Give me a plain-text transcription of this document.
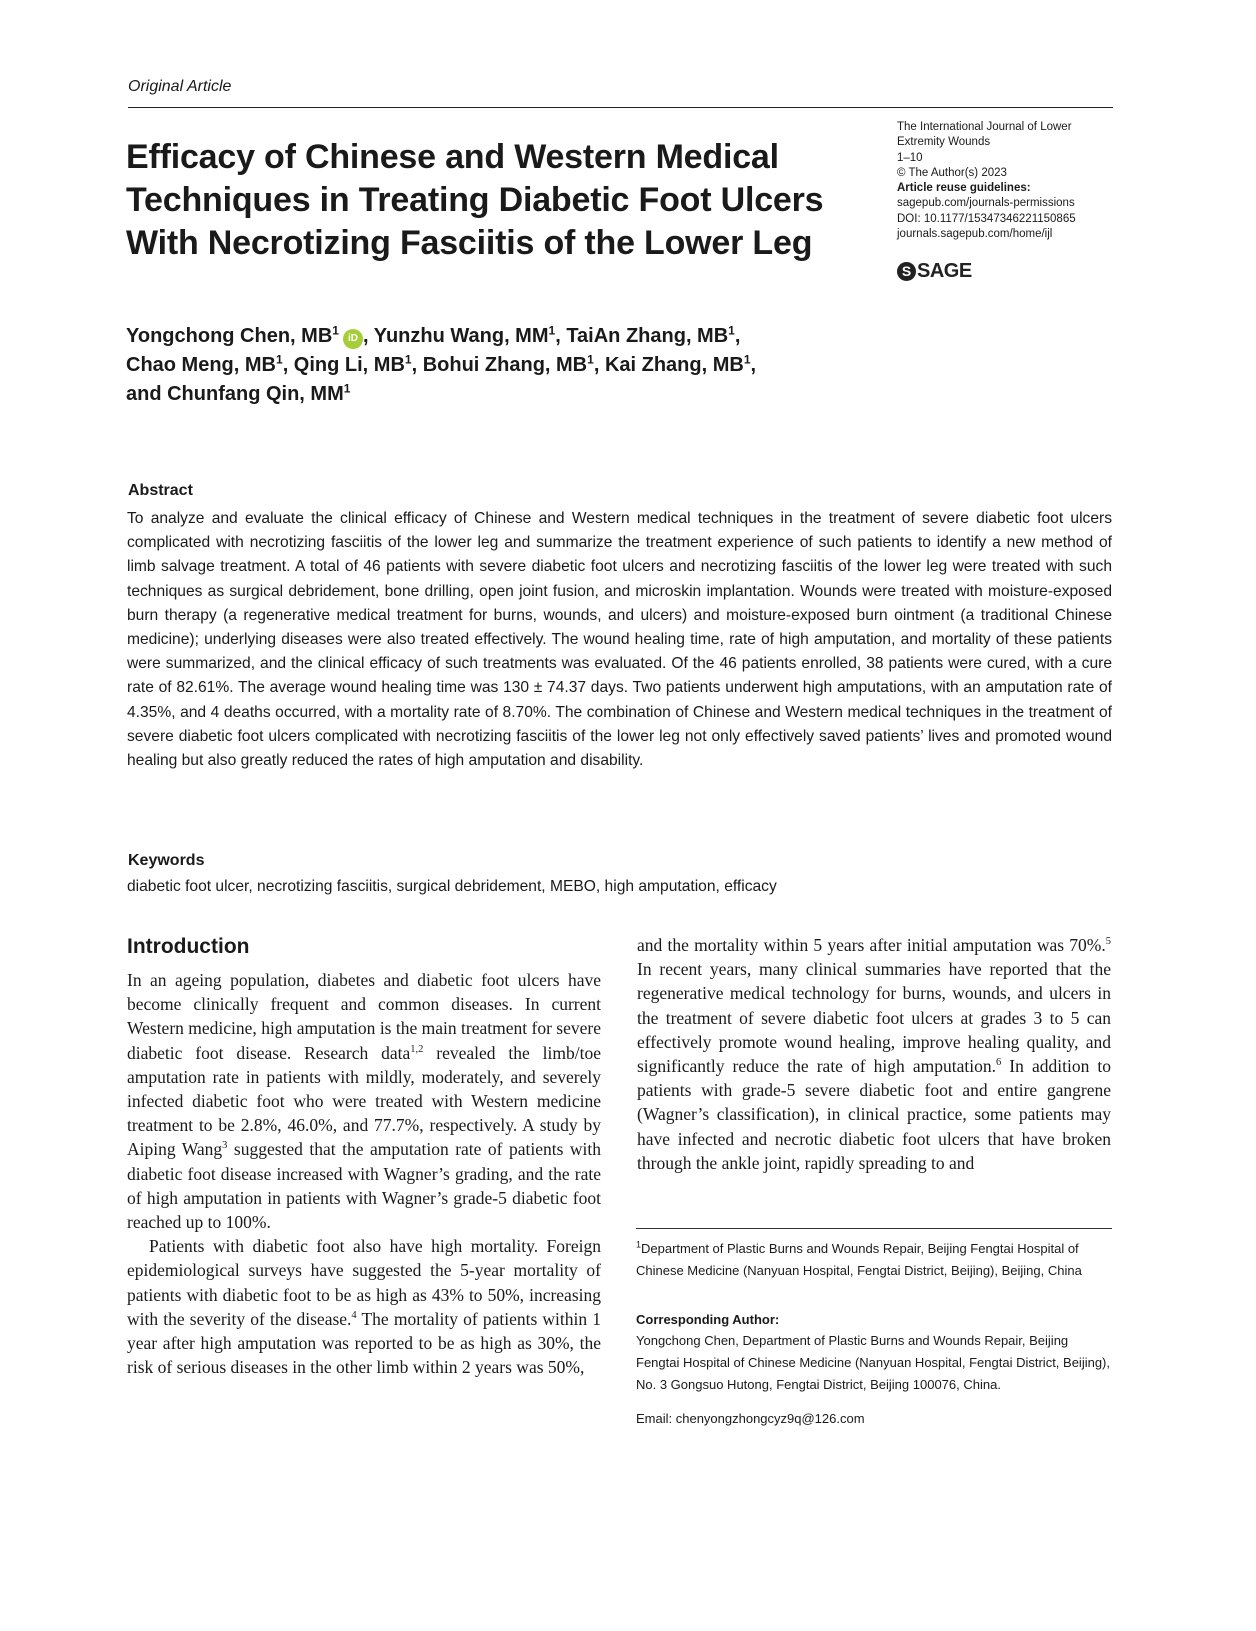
Original Article
Efficacy of Chinese and Western Medical Techniques in Treating Diabetic Foot Ulcers With Necrotizing Fasciitis of the Lower Leg
The International Journal of Lower
Extremity Wounds
1–10
© The Author(s) 2023
Article reuse guidelines:
sagepub.com/journals-permissions
DOI: 10.1177/15347346221150865
journals.sagepub.com/home/ijl
S SAGE
Yongchong Chen, $MB^1iD$ , Yunzhu Wang, $MM^1$, TaiAn Zhang, $MB^1$,
Chao Meng, $MB^1$, Qing Li, $MB^1$, Bohui Zhang, $MB^1$, Kai Zhang, $MB^1$,
and Chunfang Qin, $MM^1$
Abstract

To analyze and evaluate the clinical efficacy of Chinese and Western medical techniques in the treatment of severe diabetic foot ulcers complicated with necrotizing fasciitis of the lower leg and summarize the treatment experience of such patients to identify a new method of limb salvage treatment. A total of 46 patients with severe diabetic foot ulcers and necrotizing fasciitis of the lower leg were treated with such techniques as surgical debridement, bone drilling, open joint fusion, and microskin implantation. Wounds were treated with moisture-exposed burn therapy (a regenerative medical treatment for burns, wounds, and ulcers) and moisture-exposed burn ointment (a traditional Chinese medicine); underlying diseases were also treated effectively. The wound healing time, rate of high amputation, and mortality of these patients were summarized, and the clinical efficacy of such treatments was evaluated. Of the 46 patients enrolled, 38 patients were cured, with a cure rate of 82.61%. The average wound healing time was 130 ± 74.37 days. Two patients underwent high amputations, with an amputation rate of 4.35%, and 4 deaths occurred, with a mortality rate of 8.70%. The combination of Chinese and Western medical techniques in the treatment of severe diabetic foot ulcers complicated with necrotizing fasciitis of the lower leg not only effectively saved patients’ lives and promoted wound healing but also greatly reduced the rates of high amputation and disability.

Keywords

diabetic foot ulcer, necrotizing fasciitis, surgical debridement, MEBO, high amputation, efficacy

Introduction

In an ageing population, diabetes and diabetic foot ulcers have become clinically frequent and common diseases. In current Western medicine, high amputation is the main treatment for severe diabetic foot disease. Research data$^{1,2}$ revealed the limb/toe amputation rate in patients with mildly, moderately, and severely infected diabetic foot who were treated with Western medicine treatment to be 2.8%, 46.0%, and 77.7%, respectively. A study by Aiping Wang$^3$ suggested that the amputation rate of patients with diabetic foot disease increased with Wagner’s grading, and the rate of high amputation in patients with Wagner’s grade-5 diabetic foot reached up to 100%.

Patients with diabetic foot also have high mortality. Foreign epidemiological surveys have suggested the 5-year mortality of patients with diabetic foot to be as high as 43% to 50%, increasing with the severity of the disease.$^4$ The mortality of patients within 1 year after high amputation was reported to be as high as 30%, the risk of serious diseases in the other limb within 2 years was 50%,

and the mortality within 5 years after initial amputation was 70%.$^5$ In recent years, many clinical summaries have reported that the regenerative medical technology for burns, wounds, and ulcers in the treatment of severe diabetic foot ulcers at grades 3 to 5 can effectively promote wound healing, improve healing quality, and significantly reduce the rate of high amputation.$^6$ In addition to patients with grade-5 severe diabetic foot and entire gangrene (Wagner’s classification), in clinical practice, some patients may have infected and necrotic diabetic foot ulcers that have broken through the ankle joint, rapidly spreading to and

$^1$Department of Plastic Burns and Wounds Repair, Beijing Fengtai Hospital of Chinese Medicine (Nanyuan Hospital, Fengtai District, Beijing), Beijing, China

Corresponding Author:

Yongchong Chen, Department of Plastic Burns and Wounds Repair, Beijing Fengtai Hospital of Chinese Medicine (Nanyuan Hospital, Fengtai District, Beijing), No. 3 Gongsuo Hutong, Fengtai District, Beijing 100076, China.

Email: chenyongzhongcyz9q@126.com
